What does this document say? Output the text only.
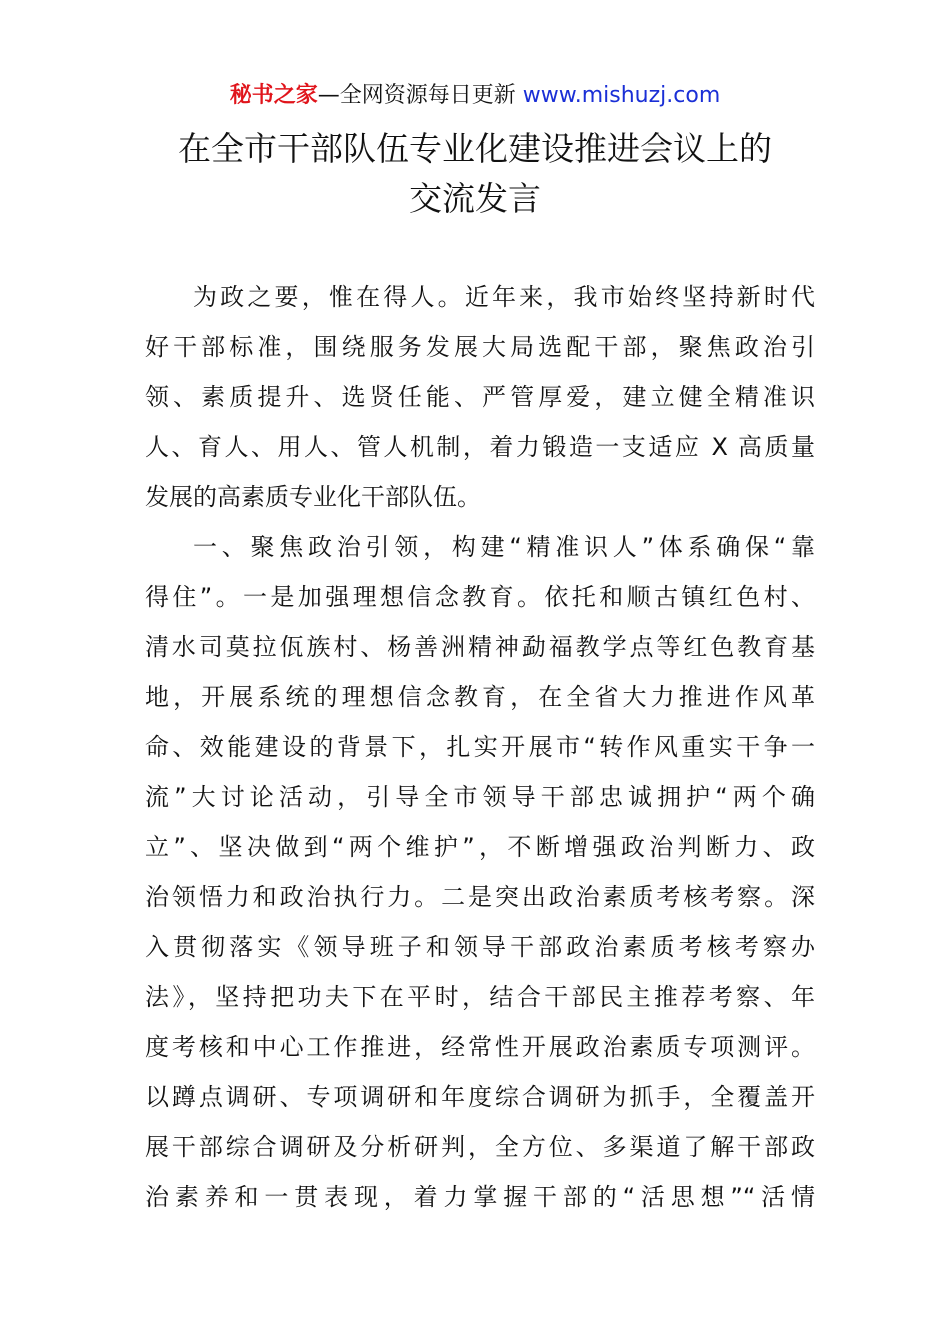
秘书之家—全网资源每日更新 www.mishuzj.com
在全市干部队伍专业化建设推进会议上的
交流发言
为政之要，惟在得人。近年来，我市始终坚持新时代
好干部标准，围绕服务发展大局选配干部，聚焦政治引
领、素质提升、选贤任能、严管厚爱，建立健全精准识
人、育人、用人、管人机制，着力锻造一支适应 X 高质量
发展的高素质专业化干部队伍。
一、聚焦政治引领，构建“精准识人”体系确保“靠
得住”。一是加强理想信念教育。依托和顺古镇红色村、
清水司莫拉佤族村、杨善洲精神勐福教学点等红色教育基
地，开展系统的理想信念教育，在全省大力推进作风革
命、效能建设的背景下，扎实开展市“转作风重实干争一
流”大讨论活动，引导全市领导干部忠诚拥护“两个确
立”、坚决做到“两个维护”，不断增强政治判断力、政
治领悟力和政治执行力。二是突出政治素质考核考察。深
入贯彻落实《领导班子和领导干部政治素质考核考察办
法》，坚持把功夫下在平时，结合干部民主推荐考察、年
度考核和中心工作推进，经常性开展政治素质专项测评。
以蹲点调研、专项调研和年度综合调研为抓手，全覆盖开
展干部综合调研及分析研判，全方位、多渠道了解干部政
治素养和一贯表现，着力掌握干部的“活思想”“活情
